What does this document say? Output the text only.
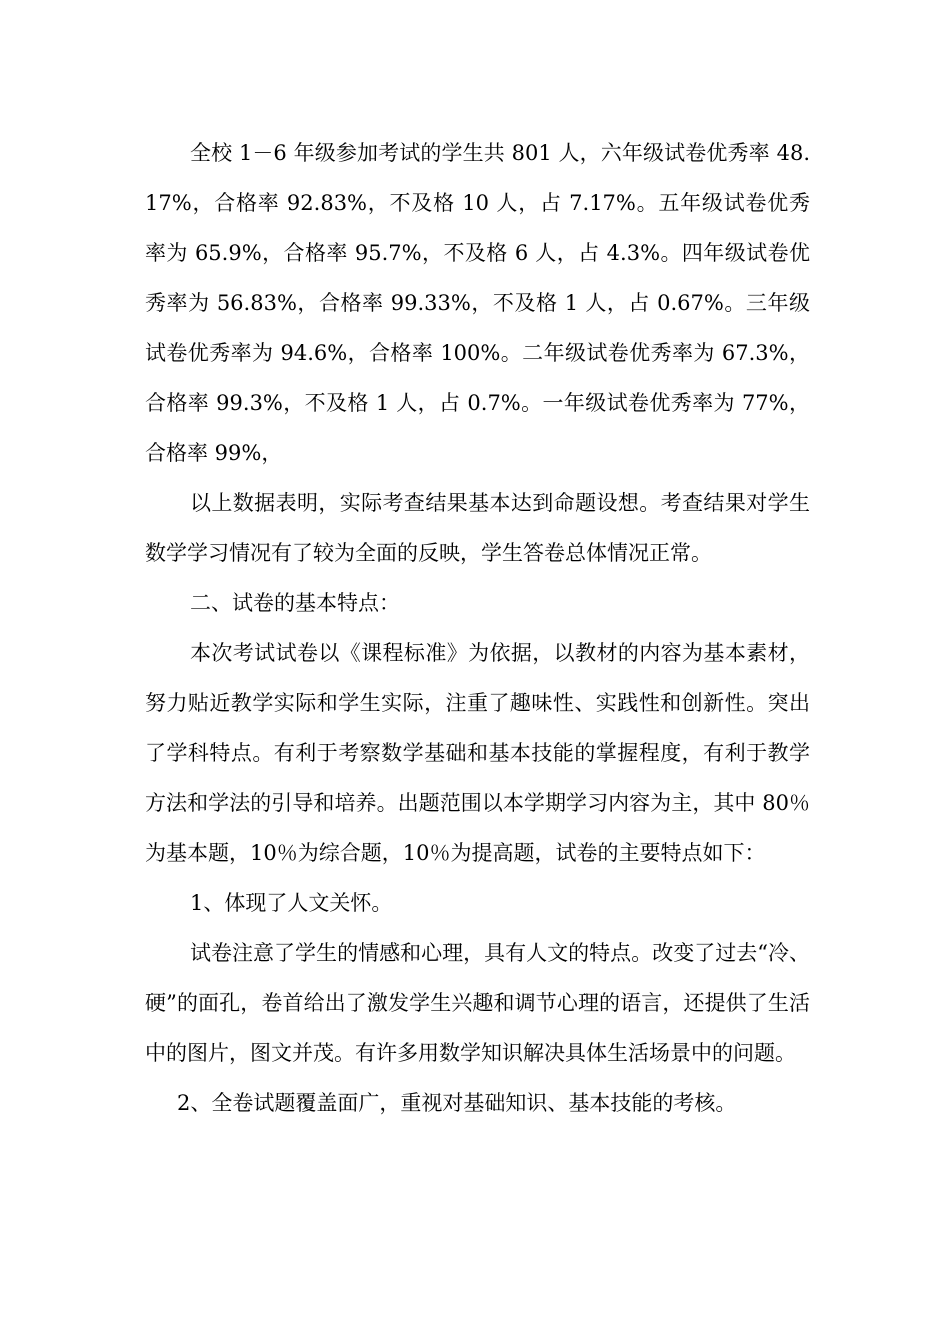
全校 1－6 年级参加考试的学生共 801 人，六年级试卷优秀率 48.17%，合格率 92.83%，不及格 10 人，占 7.17%。五年级试卷优秀率为 65.9%，合格率 95.7%，不及格 6 人，占 4.3%。四年级试卷优秀率为 56.83%，合格率 99.33%，不及格 1 人，占 0.67%。三年级试卷优秀率为 94.6%，合格率 100%。二年级试卷优秀率为 67.3%，合格率 99.3%，不及格 1 人，占 0.7%。一年级试卷优秀率为 77%，合格率 99%，

以上数据表明，实际考查结果基本达到命题设想。考查结果对学生数学学习情况有了较为全面的反映，学生答卷总体情况正常。

二、试卷的基本特点：

本次考试试卷以《课程标准》为依据，以教材的内容为基本素材，努力贴近教学实际和学生实际，注重了趣味性、实践性和创新性。突出了学科特点。有利于考察数学基础和基本技能的掌握程度，有利于教学方法和学法的引导和培养。出题范围以本学期学习内容为主，其中 80％为基本题，10％为综合题，10％为提高题，试卷的主要特点如下：

1、体现了人文关怀。

试卷注意了学生的情感和心理，具有人文的特点。改变了过去“冷、硬”的面孔，卷首给出了激发学生兴趣和调节心理的语言，还提供了生活中的图片，图文并茂。有许多用数学知识解决具体生活场景中的问题。

2、全卷试题覆盖面广，重视对基础知识、基本技能的考核。
